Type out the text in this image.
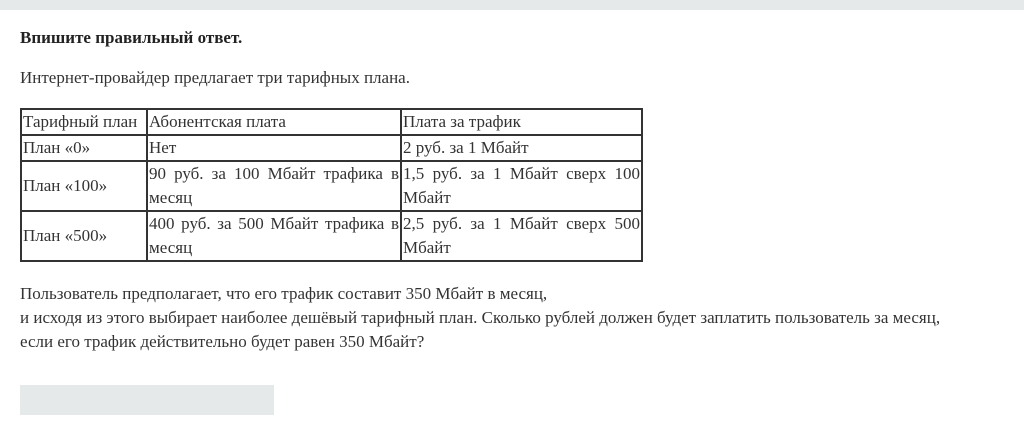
Впишите правильный ответ.

Интернет-провайдер предлагает три тарифных плана.

Тарифный план	Абонентская плата	Плата за трафик
План «0»	Нет	2 руб. за 1 Мбайт
План «100»	90 руб. за 100 Мбайт трафика в месяц	1,5 руб. за 1 Мбайт сверх 100 Мбайт
План «500»	400 руб. за 500 Мбайт трафика в месяц	2,5 руб. за 1 Мбайт сверх 500 Мбайт

Пользователь предполагает, что его трафик составит 350 Мбайт в месяц,

и исходя из этого выбирает наиболее дешёвый тарифный план. Сколько рублей должен будет заплатить пользователь за месяц,

если его трафик действительно будет равен 350 Мбайт?
